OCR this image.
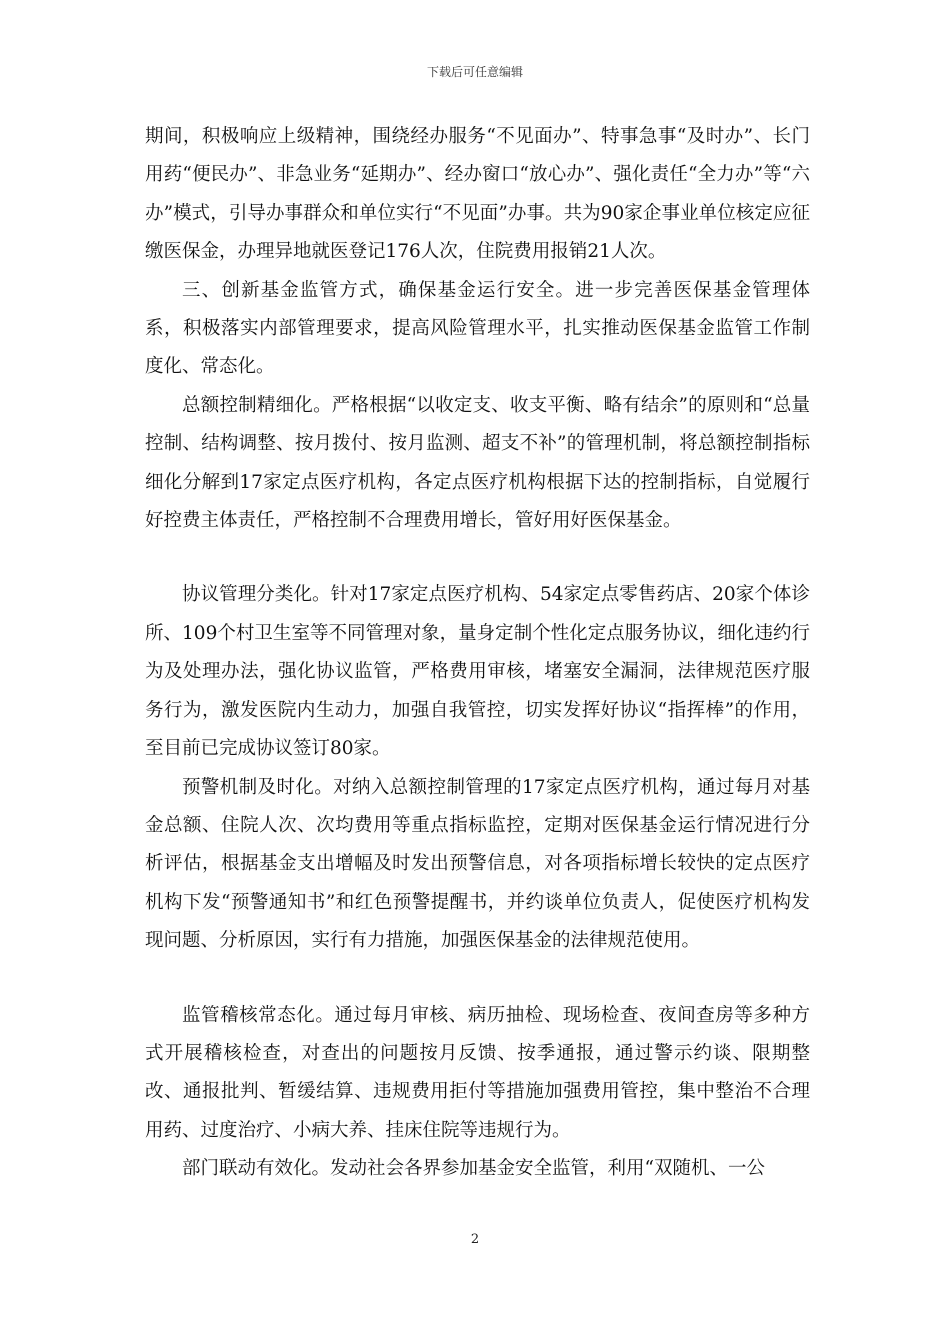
下载后可任意编辑

期间，积极响应上级精神，围绕经办服务“不见面办”、特事急事“及时办”、长门用药“便民办”、非急业务“延期办”、经办窗口“放心办”、强化责任“全力办”等“六办”模式，引导办事群众和单位实行“不见面”办事。共为90家企事业单位核定应征缴医保金，办理异地就医登记176人次，住院费用报销21人次。

三、创新基金监管方式，确保基金运行安全。进一步完善医保基金管理体系，积极落实内部管理要求，提高风险管理水平，扎实推动医保基金监管工作制度化、常态化。

总额控制精细化。严格根据“以收定支、收支平衡、略有结余”的原则和“总量控制、结构调整、按月拨付、按月监测、超支不补”的管理机制，将总额控制指标细化分解到17家定点医疗机构，各定点医疗机构根据下达的控制指标，自觉履行好控费主体责任，严格控制不合理费用增长，管好用好医保基金。

协议管理分类化。针对17家定点医疗机构、54家定点零售药店、20家个体诊所、109个村卫生室等不同管理对象，量身定制个性化定点服务协议，细化违约行为及处理办法，强化协议监管，严格费用审核，堵塞安全漏洞，法律规范医疗服务行为，激发医院内生动力，加强自我管控，切实发挥好协议“指挥棒”的作用，至目前已完成协议签订80家。

预警机制及时化。对纳入总额控制管理的17家定点医疗机构，通过每月对基金总额、住院人次、次均费用等重点指标监控，定期对医保基金运行情况进行分析评估，根据基金支出增幅及时发出预警信息，对各项指标增长较快的定点医疗机构下发“预警通知书”和红色预警提醒书，并约谈单位负责人，促使医疗机构发现问题、分析原因，实行有力措施，加强医保基金的法律规范使用。

监管稽核常态化。通过每月审核、病历抽检、现场检查、夜间查房等多种方式开展稽核检查，对查出的问题按月反馈、按季通报，通过警示约谈、限期整改、通报批判、暂缓结算、违规费用拒付等措施加强费用管控，集中整治不合理用药、过度治疗、小病大养、挂床住院等违规行为。

部门联动有效化。发动社会各界参加基金安全监管，利用“双随机、一公

2
